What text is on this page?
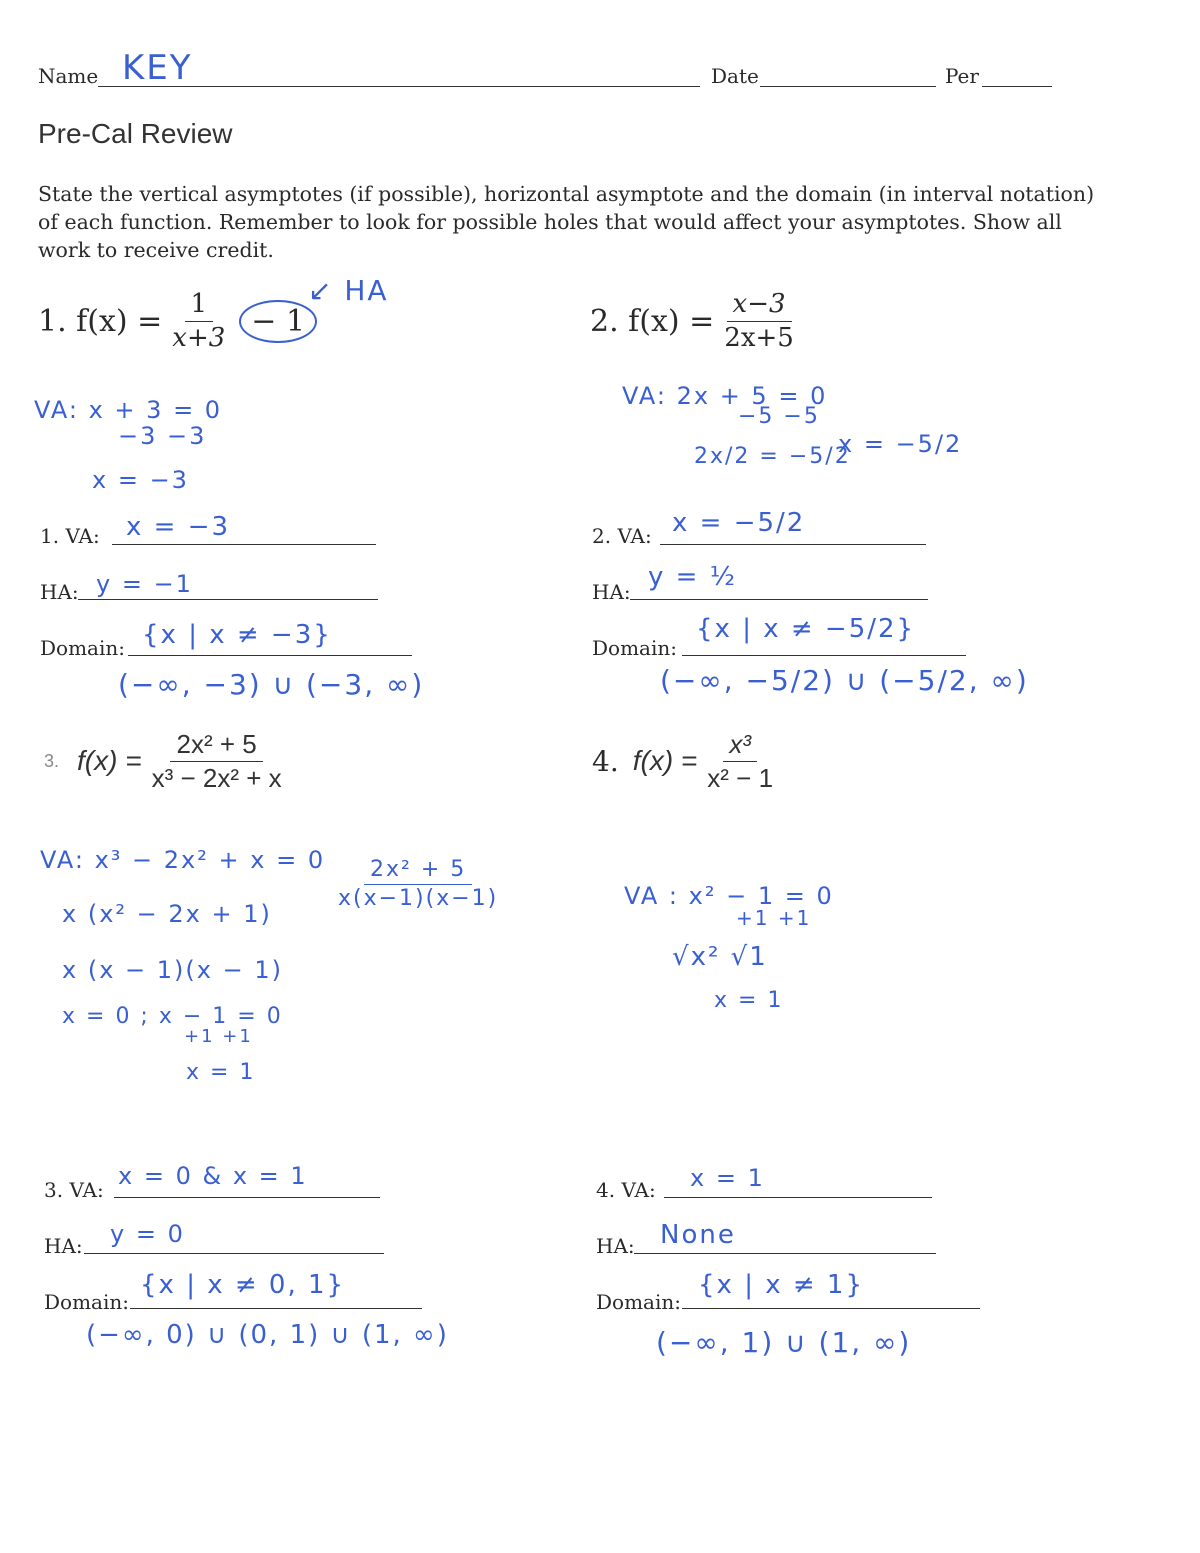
Name KEY	Date	Per
Pre-Cal Review
State the vertical asymptotes (if possible), horizontal asymptote and the domain (in interval notation) of each function. Remember to look for possible holes that would affect your asymptotes. Show all work to receive credit.
1.
$f(x) = \frac{1}{x+3} - 1$
↙ HA
VA: x + 3 = 0
−3 −3
x = −3
1. VA: x = −3
HA: y = −1
Domain: {x | x ≠ −3}
(−∞, −3) ∪ (−3, ∞)
2.
$f(x) = \frac{x-3}{2x+5}$
VA: 2x + 5 = 0
−5 −5
2x/2 = −5/2
x = −5/2
2. VA: x = −5/2
HA: y = ½
Domain:
{x | x ≠ −5/2}
(−∞, −5/2) ∪ (−5/2, ∞)
3. $f(x) = \frac{\text{2x² + 5}}{\text{x³ − 2x² + x}}$
VA: x³ − 2x² + x = 0
x (x² − 2x + 1)
x (x − 1)(x − 1)
x = 0 ; x − 1 = 0
+1 +1
x = 1
$\frac{\text{2x² + 5}}{x(x-1)(x-1)}$
3. VA: x = 0 & x = 1
HA: y = 0
Domain:
{x | x ≠ 0, 1}
(−∞, 0) ∪ (0, 1) ∪ (1, ∞)
4. $f(x) = \frac{\text{x³}}{\text{x² − 1}}$
VA : x² − 1 = 0
+1 +1
√x² √1
x = 1
4. VA: x = 1
HA: None
Domain:
{x | x ≠ 1}
(−∞, 1) ∪ (1, ∞)
